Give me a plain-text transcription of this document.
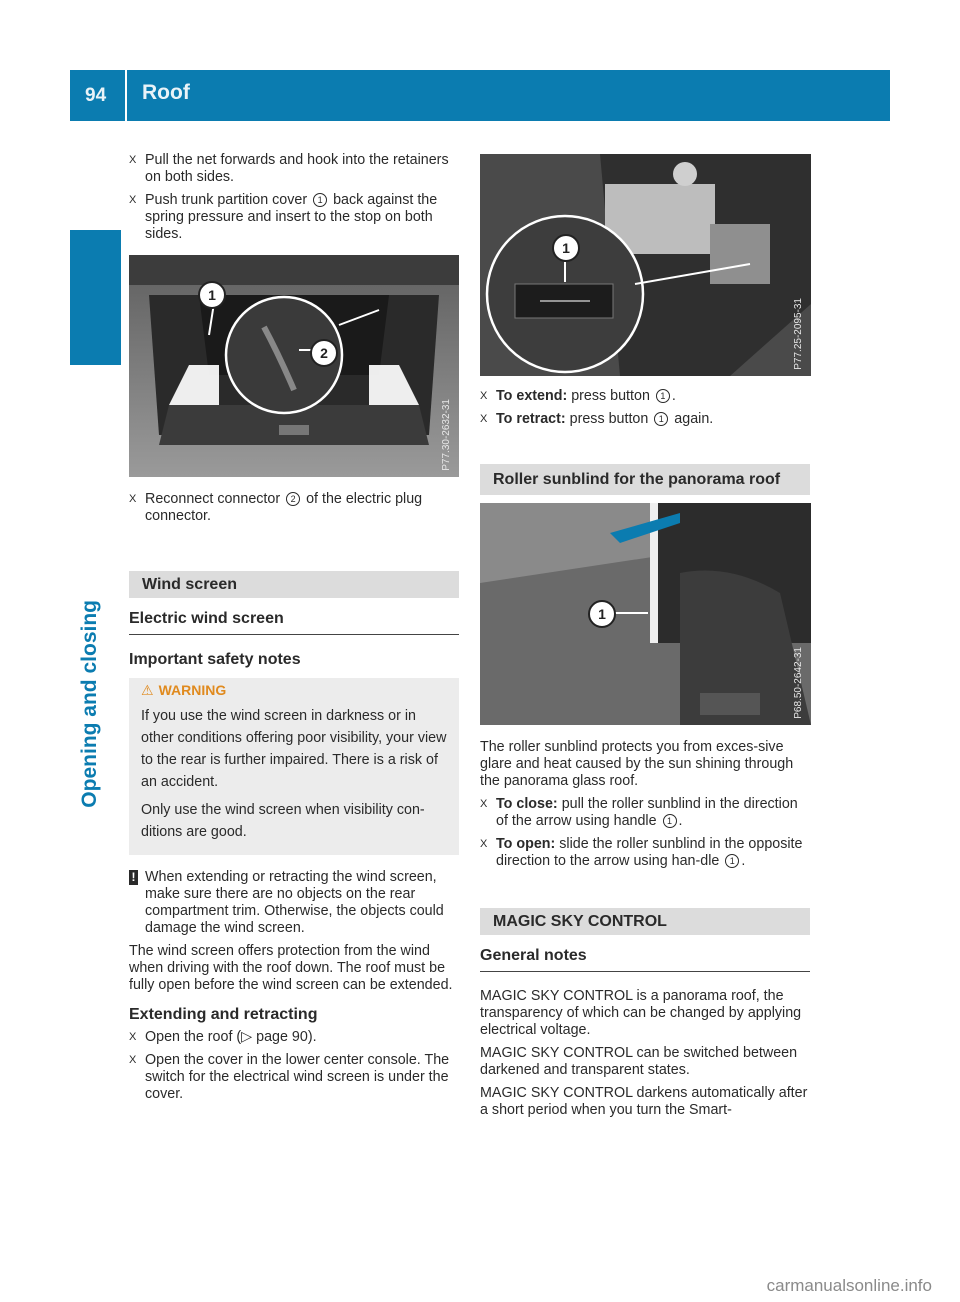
94 Roof
Opening and closing
X Pull the net forwards and hook into the retainers on both sides.
X Push trunk partition cover 1 back against the spring pressure and insert to the stop on both sides.
1
2
P77.30-2632-31
X Reconnect connector 2 of the electric plug connector.
Wind screen
Electric wind screen
Important safety notes
⚠ WARNING

If you use the wind screen in darkness or in other conditions offering poor visibility, your view to the rear is further impaired. There is a risk of an accident.

Only use the wind screen when visibility con-ditions are good.

! When extending or retracting the wind screen, make sure there are no objects on the rear compartment trim. Otherwise, the objects could damage the wind screen.

The wind screen offers protection from the wind when driving with the roof down. The roof must be fully open before the wind screen can be extended.

Extending and retracting
X Open the roof (▷ page 90).
X Open the cover in the lower center console. The switch for the electrical wind screen is under the cover.
1
P77.25-2095-31
X To extend: press button 1 .
X To retract: press button 1 again.
Roller sunblind for the panorama roof
1
P68.50-2642-31

The roller sunblind protects you from exces-sive glare and heat caused by the sun shining through the panorama glass roof.

X To close: pull the roller sunblind in the direction of the arrow using handle 1 .
X To open: slide the roller sunblind in the opposite direction to the arrow using han-dle 1 .
MAGIC SKY CONTROL
General notes

MAGIC SKY CONTROL is a panorama roof, the transparency of which can be changed by applying electrical voltage.

MAGIC SKY CONTROL can be switched between darkened and transparent states.

MAGIC SKY CONTROL darkens automatically after a short period when you turn the Smart-

carmanualsonline.info
